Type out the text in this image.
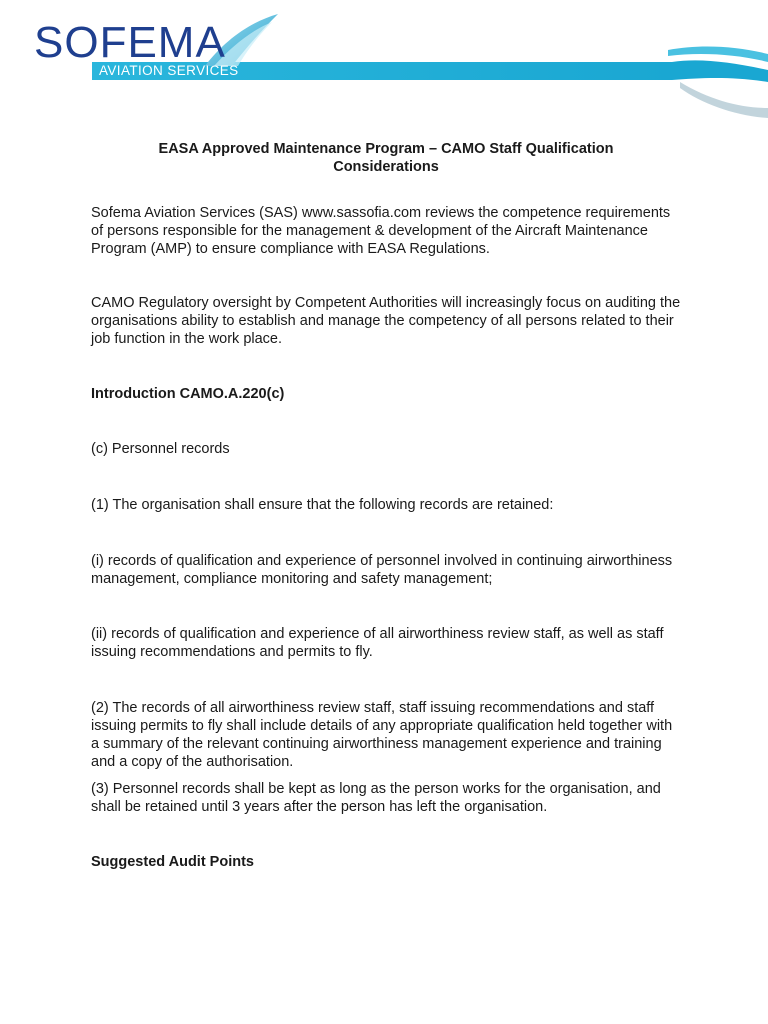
SOFEMA
AVIATION SERVICES
EASA Approved Maintenance Program – CAMO Staff Qualification
Considerations

Sofema Aviation Services (SAS) www.sassofia.com reviews the competence requirements of persons responsible for the management & development of the Aircraft Maintenance Program (AMP) to ensure compliance with EASA Regulations.

CAMO Regulatory oversight by Competent Authorities will increasingly focus on auditing the organisations ability to establish and manage the competency of all persons related to their job function in the work place.

Introduction CAMO.A.220(c)

(c) Personnel records

(1) The organisation shall ensure that the following records are retained:

(i) records of qualification and experience of personnel involved in continuing airworthiness management, compliance monitoring and safety management;

(ii) records of qualification and experience of all airworthiness review staff, as well as staff issuing recommendations and permits to fly.

(2) The records of all airworthiness review staff, staff issuing recommendations and staff issuing permits to fly shall include details of any appropriate qualification held together with a summary of the relevant continuing airworthiness management experience and training and a copy of the authorisation.

(3) Personnel records shall be kept as long as the person works for the organisation, and shall be retained until 3 years after the person has left the organisation.

Suggested Audit Points
